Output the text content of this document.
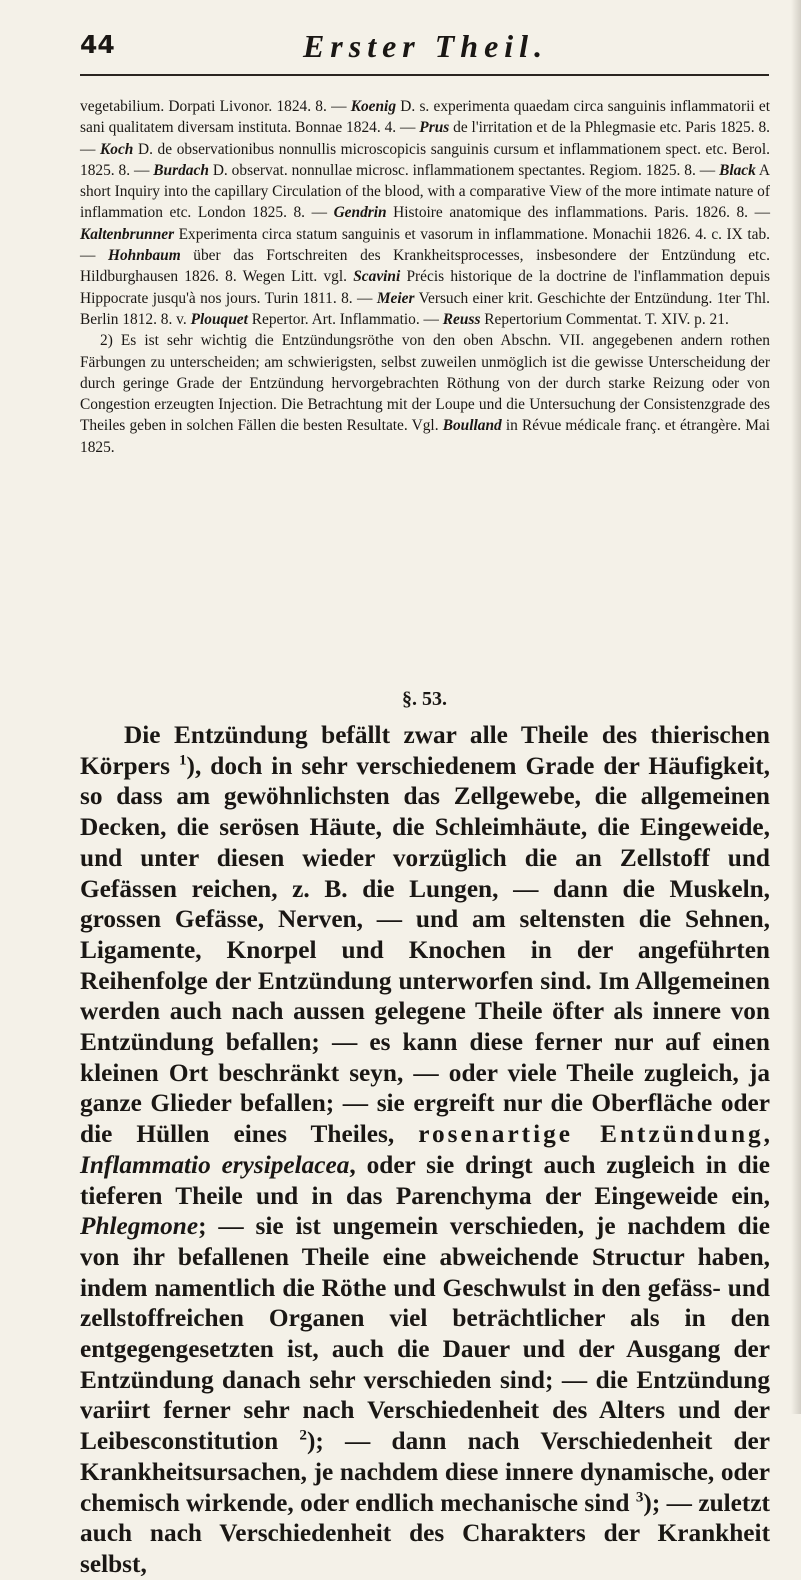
44	Erster Theil.

vegetabilium. Dorpati Livonor. 1824. 8. — Koenig D. s. experimenta quaedam circa sanguinis inflammatorii et sani qualitatem diversam instituta. Bonnae 1824. 4. — Prus de l'irritation et de la Phlegmasie etc. Paris 1825. 8. — Koch D. de observationibus nonnullis microscopicis sanguinis cursum et inflammationem spect. etc. Berol. 1825. 8. — Burdach D. observat. nonnullae microsc. inflammationem spectantes. Regiom. 1825. 8. — Black A short Inquiry into the capillary Circulation of the blood, with a comparative View of the more intimate nature of inflammation etc. London 1825. 8. — Gendrin Histoire anatomique des inflammations. Paris. 1826. 8. — Kaltenbrunner Experimenta circa statum sanguinis et vasorum in inflammatione. Monachii 1826. 4. c. IX tab. — Hohnbaum über das Fortschreiten des Krankheitsprocesses, insbesondere der Entzündung etc. Hildburghausen 1826. 8. Wegen Litt. vgl. Scavini Précis historique de la doctrine de l'inflammation depuis Hippocrate jusqu'à nos jours. Turin 1811. 8. — Meier Versuch einer krit. Geschichte der Entzündung. 1ter Thl. Berlin 1812. 8. v. Plouquet Repertor. Art. Inflammatio. — Reuss Repertorium Commentat. T. XIV. p. 21.

2) Es ist sehr wichtig die Entzündungsröthe von den oben Abschn. VII. angegebenen andern rothen Färbungen zu unterscheiden; am schwierigsten, selbst zuweilen unmöglich ist die gewisse Unterscheidung der durch geringe Grade der Entzündung hervorgebrachten Röthung von der durch starke Reizung oder von Congestion erzeugten Injection. Die Betrachtung mit der Loupe und die Untersuchung der Consistenzgrade des Theiles geben in solchen Fällen die besten Resultate. Vgl. Boulland in Révue médicale franç. et étrangère. Mai 1825.

§. 53.

Die Entzündung befällt zwar alle Theile des thierischen Körpers $^1$), doch in sehr verschiedenem Grade der Häufigkeit, so dass am gewöhnlichsten das Zellgewebe, die allgemeinen Decken, die serösen Häute, die Schleimhäute, die Eingeweide, und unter diesen wieder vorzüglich die an Zellstoff und Gefässen reichen, z. B. die Lungen, — dann die Muskeln, grossen Gefässe, Nerven, — und am seltensten die Sehnen, Ligamente, Knorpel und Knochen in der angeführten Reihenfolge der Entzündung unterworfen sind. Im Allgemeinen werden auch nach aussen gelegene Theile öfter als innere von Entzündung befallen; — es kann diese ferner nur auf einen kleinen Ort beschränkt seyn, — oder viele Theile zugleich, ja ganze Glieder befallen; — sie ergreift nur die Oberfläche oder die Hüllen eines Theiles, rosenartige Entzündung, Inflammatio erysipelacea, oder sie dringt auch zugleich in die tieferen Theile und in das Parenchyma der Eingeweide ein, Phlegmone; — sie ist ungemein verschieden, je nachdem die von ihr befallenen Theile eine abweichende Structur haben, indem namentlich die Röthe und Geschwulst in den gefäss- und zellstoffreichen Organen viel beträchtlicher als in den entgegengesetzten ist, auch die Dauer und der Ausgang der Entzündung danach sehr verschieden sind; — die Entzündung variirt ferner sehr nach Verschiedenheit des Alters und der Leibesconstitution $^2$); — dann nach Verschiedenheit der Krankheitsursachen, je nachdem diese innere dynamische, oder chemisch wirkende, oder endlich mechanische sind $^3$); — zuletzt auch nach Verschiedenheit des Charakters der Krankheit selbst,
